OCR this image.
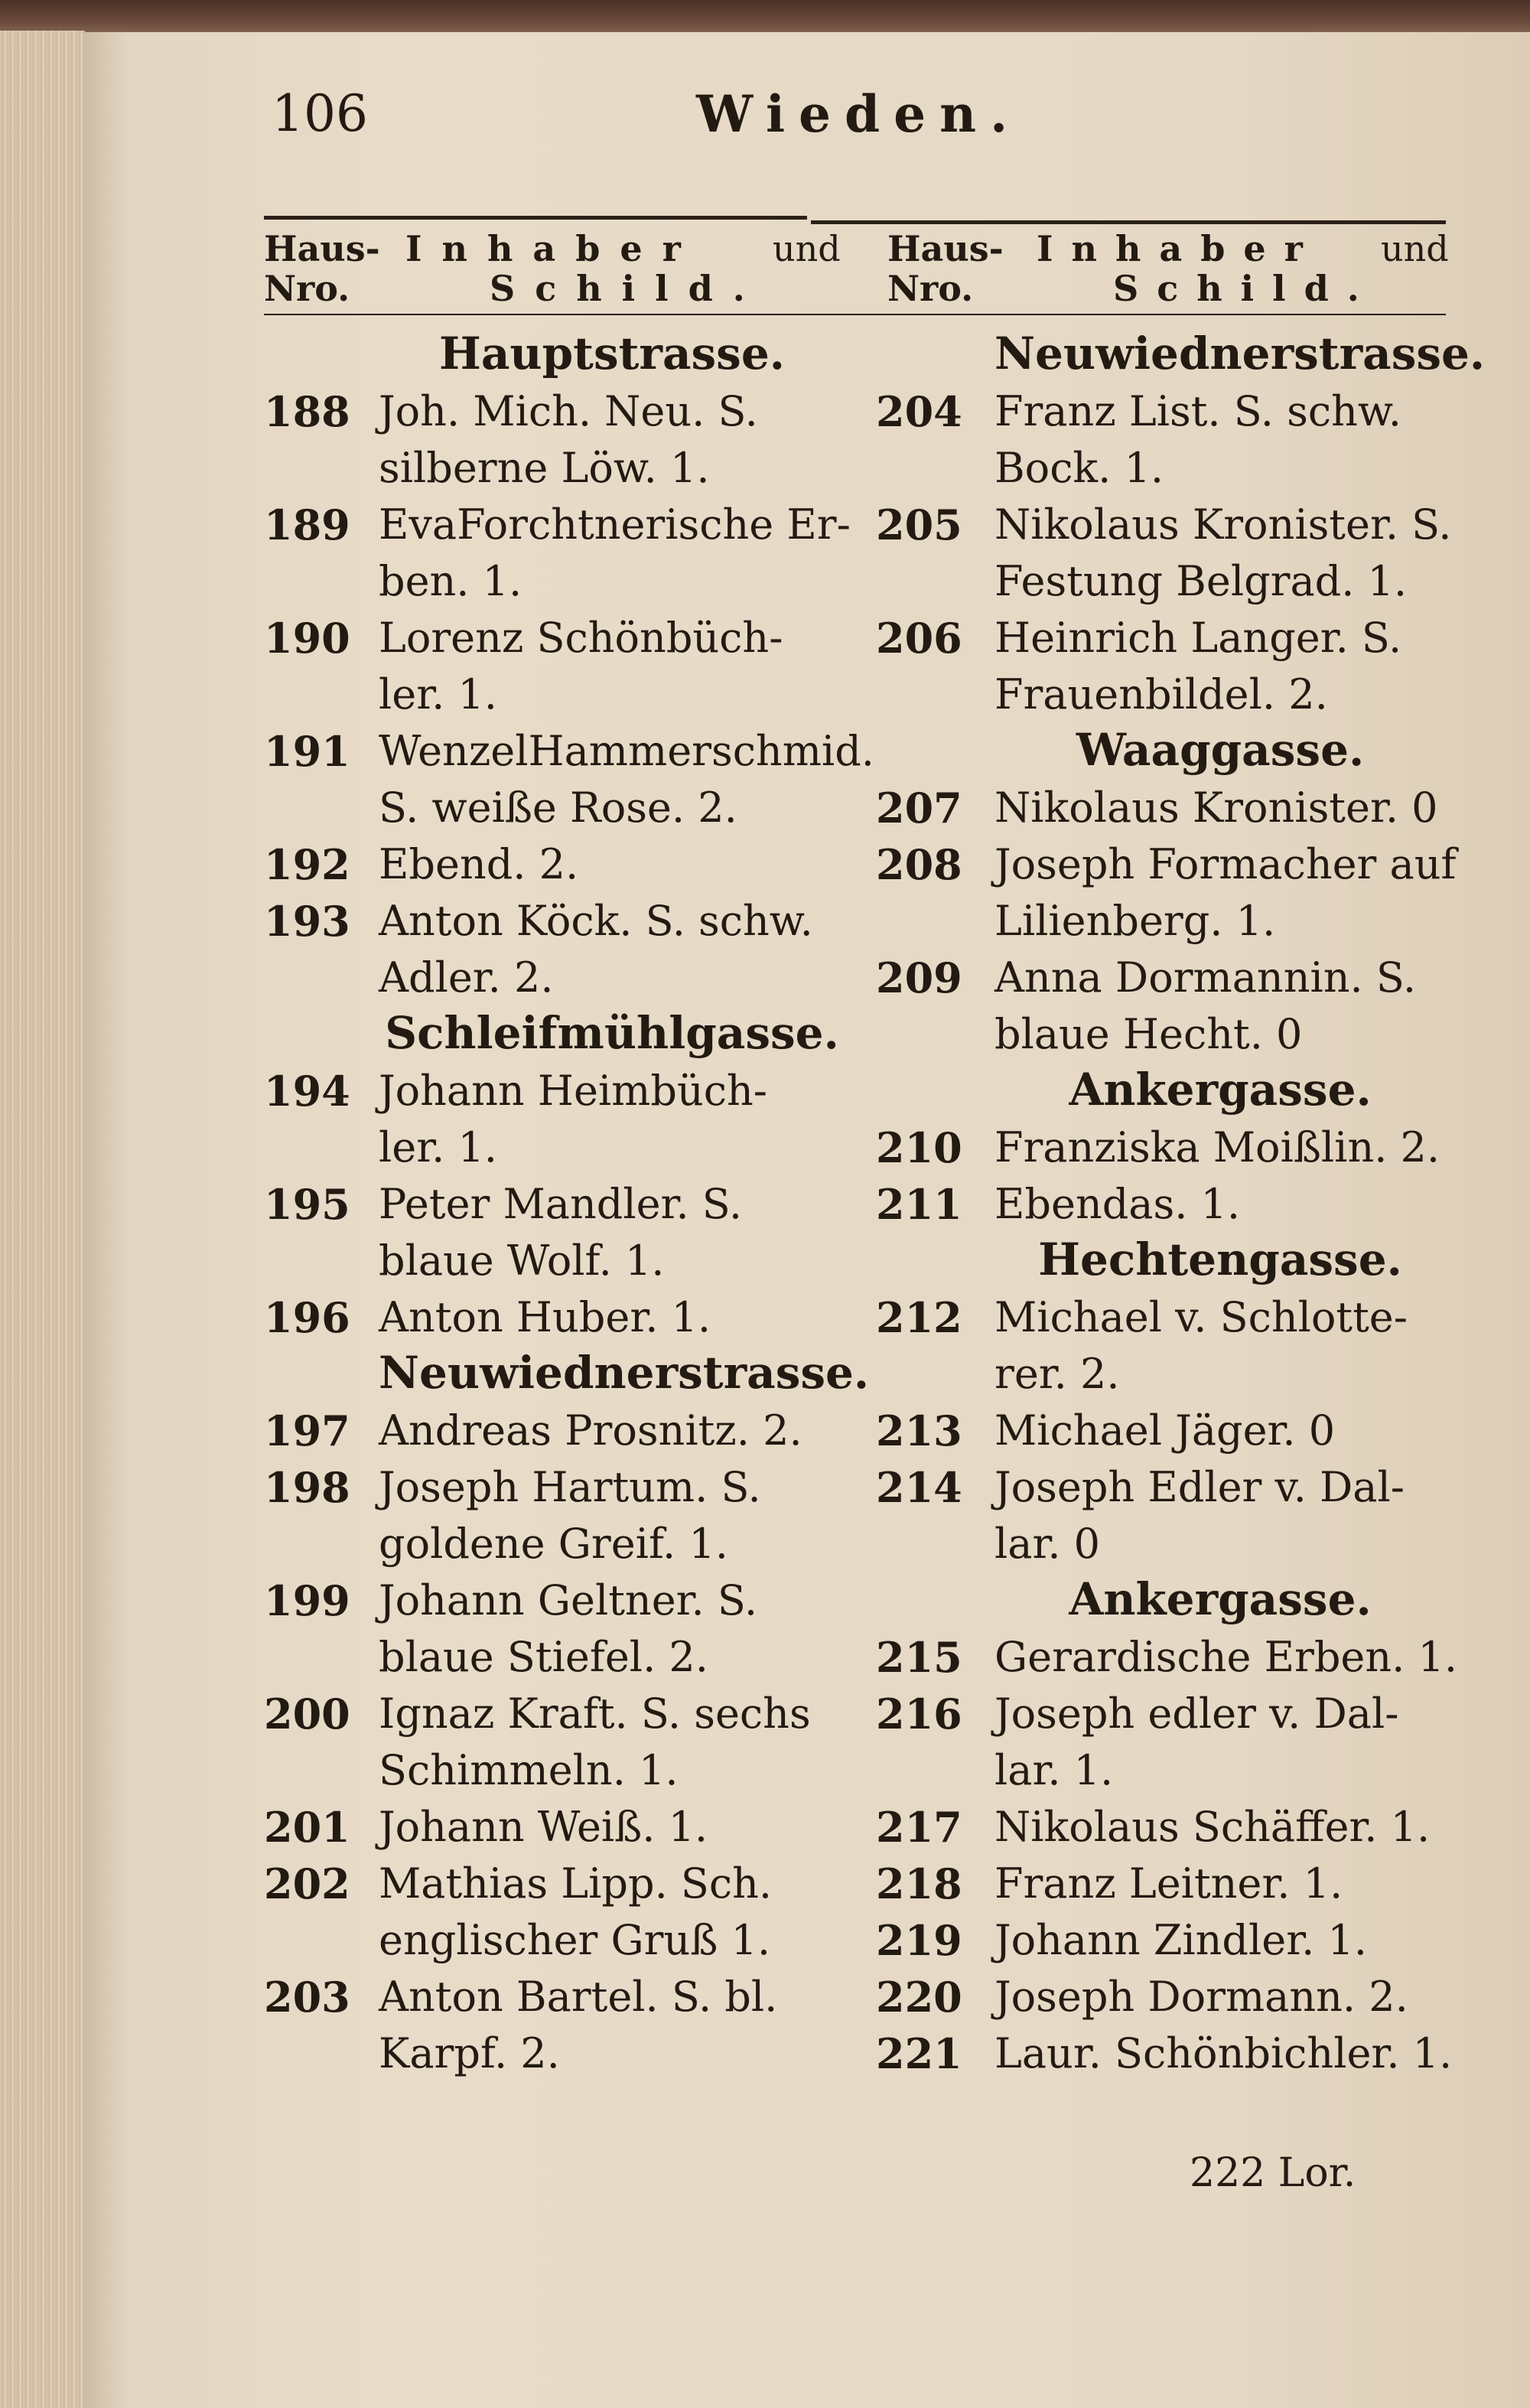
106	Wieden.
Haus-
Nro.
Inhaber und
Schild.
Haus-
Nro.
Inhaber und
Schild.
Hauptstrasse.
188 Joh. Mich. Neu. S.
silberne Löw. 1.
189 EvaForchtnerische Er-
ben. 1.
190 Lorenz Schönbüch-
ler. 1.
191 WenzelHammerschmid.
S. weiße Rose. 2.
192 Ebend. 2.
193 Anton Köck. S. schw.
Adler. 2.
Schleifmühlgasse.
194 Johann Heimbüch-
ler. 1.
195 Peter Mandler. S.
blaue Wolf. 1.
196 Anton Huber. 1.
Neuwiednerstrasse.
197 Andreas Prosnitz. 2.
198 Joseph Hartum. S.
goldene Greif. 1.
199 Johann Geltner. S.
blaue Stiefel. 2.
200 Ignaz Kraft. S. sechs
Schimmeln. 1.
201 Johann Weiß. 1.
202 Mathias Lipp. Sch.
englischer Gruß 1.
203 Anton Bartel. S. bl.
Karpf. 2.
Neuwiednerstrasse.
204 Franz List. S. schw.
Bock. 1.
205 Nikolaus Kronister. S.
Festung Belgrad. 1.
206 Heinrich Langer. S.
Frauenbildel. 2.
Waaggasse.
207 Nikolaus Kronister. 0
208 Joseph Formacher auf
Lilienberg. 1.
209 Anna Dormannin. S.
blaue Hecht. 0
Ankergasse.
210 Franziska Moißlin. 2.
211 Ebendas. 1.
Hechtengasse.
212 Michael v. Schlotte-
rer. 2.
213 Michael Jäger. 0
214 Joseph Edler v. Dal-
lar. 0
Ankergasse.
215 Gerardische Erben. 1.
216 Joseph edler v. Dal-
lar. 1.
217 Nikolaus Schäffer. 1.
218 Franz Leitner. 1.
219 Johann Zindler. 1.
220 Joseph Dormann. 2.
221 Laur. Schönbichler. 1.
222 Lor.
